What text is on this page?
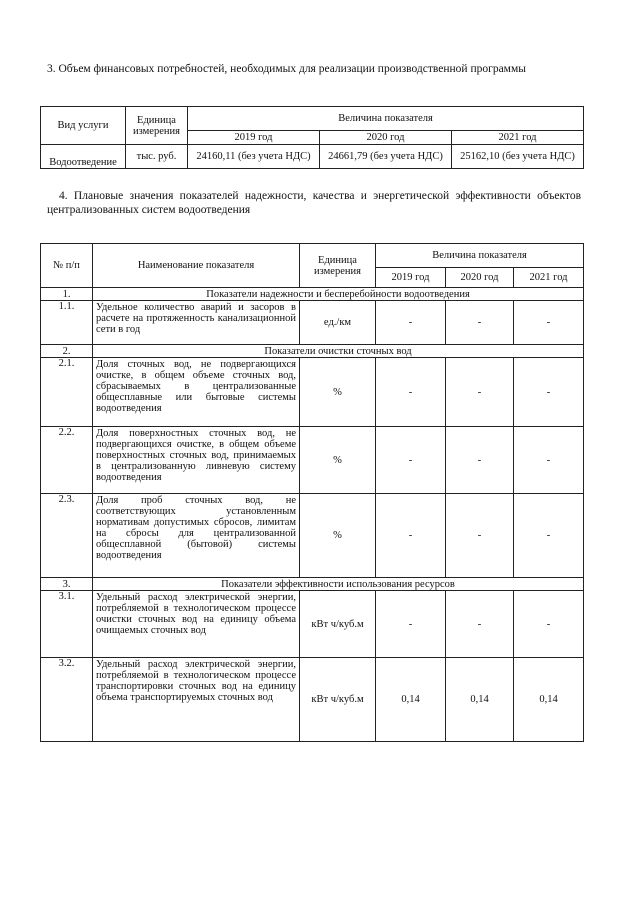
3. Объем финансовых потребностей, необходимых для реализации производственной программы

Вид услуги	Единица измерения	Величина показателя		
		2019 год	2020 год	2021 год
Водоотведение	тыс. руб.	24160,11 (без учета НДС)	24661,79 (без учета НДС)	25162,10 (без учета НДС)

4. Плановые значения показателей надежности, качества и энергетической эффективности объектов централизованных систем водоотведения

№ п/п	Наименование показателя	Единица измерения	Величина показателя		
			2019 год	2020 год	2021 год
1.	Показатели надежности и бесперебойности водоотведения				
1.1.	Удельное количество аварий и засоров в расчете на протяженность канализационной сети в год	ед./км	-	-	-
2.	Показатели очистки сточных вод				
2.1.	Доля сточных вод, не подвергающихся очистке, в общем объеме сточных вод, сбрасываемых в централизованные общесплавные или бытовые системы водоотведения	%	-	-	-
2.2.	Доля поверхностных сточных вод, не подвергающихся очистке, в общем объеме поверхностных сточных вод, принимаемых в централизованную ливневую систему водоотведения	%	-	-	-
2.3.	Доля проб сточных вод, не соответствующих установленным нормативам допустимых сбросов, лимитам на сбросы для централизованной общесплавной (бытовой) системы водоотведения	%	-	-	-
3.	Показатели эффективности использования ресурсов				
3.1.	Удельный расход электрической энергии, потребляемой в технологическом процессе очистки сточных вод на единицу объема очищаемых сточных вод	кВт ч/куб.м	-	-	-
3.2.	Удельный расход электрической энергии, потребляемой в технологическом процессе транспортировки сточных вод на единицу объема транспортируемых сточных вод	кВт ч/куб.м	0,14	0,14	0,14
